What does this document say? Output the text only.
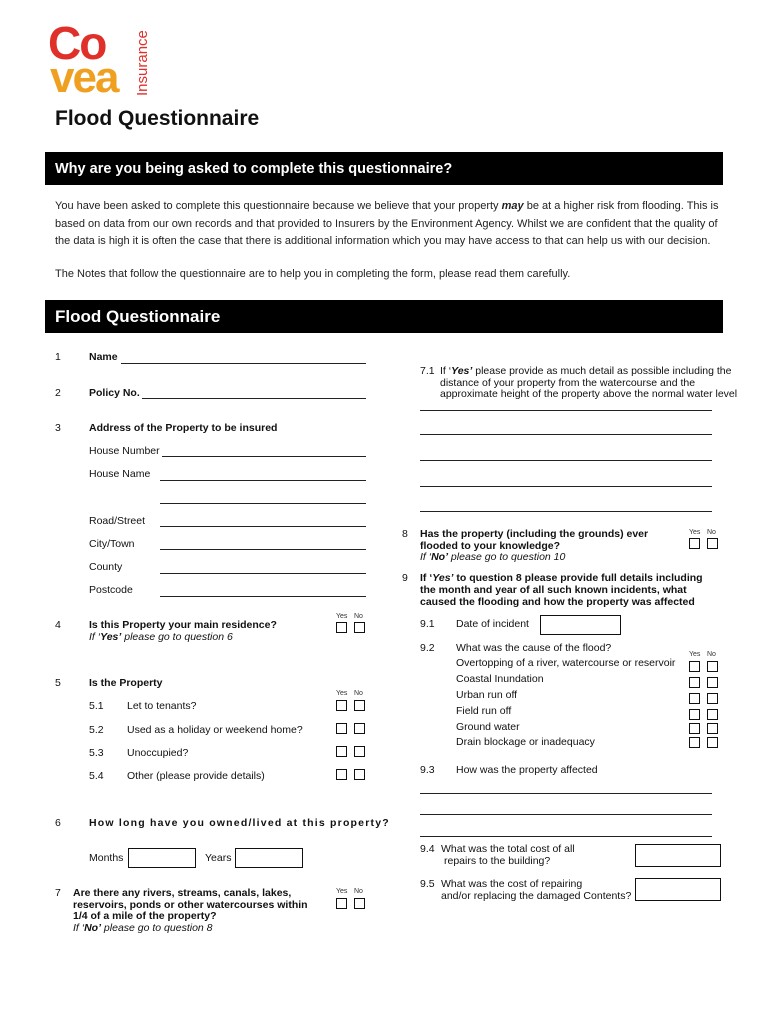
Co
vea Insurance
Flood Questionnaire
Why are you being asked to complete this questionnaire?
You have been asked to complete this questionnaire because we believe that your property may be at a higher risk from flooding. This is based on data from our own records and that provided to Insurers by the Environment Agency. Whilst we are confident that the quality of the data is high it is often the case that there is additional information which you may have access to that can help us with our decision.
The Notes that follow the questionnaire are to help you in completing the form, please read them carefully.
Flood Questionnaire
1	Name
2	Policy No.
3	Address of the Property to be insured
House Number
House Name
Road/Street
City/Town
County
Postcode
Yes No
4	Is this Property your main residence?
If ‘Yes’ please go to question 6
5	Is the Property
Yes No
5.1 Let to tenants?
5.2 Used as a holiday or weekend home?
5.3 Unoccupied?
5.4 Other (please provide details)
6	How long have you owned/lived at this property?
Months	Years
Yes No
7 Are there any rivers, streams, canals, lakes,
reservoirs, ponds or other watercourses within
1/4 of a mile of the property?
If ‘No’ please go to question 8
7.1 If ‘Yes’ please provide as much detail as possible including the
distance of your property from the watercourse and the
approximate height of the property above the normal water level
Yes No
8 Has the property (including the grounds) ever
flooded to your knowledge?
If ‘No’ please go to question 10
9 If ‘Yes’ to question 8 please provide full details including
the month and year of all such known incidents, what
caused the flooding and how the property was affected
9.1 Date of incident
9.2 What was the cause of the flood?
Yes No
Overtopping of a river, watercourse or reservoir
Coastal Inundation
Urban run off
Field run off
Ground water
Drain blockage or inadequacy
9.3 How was the property affected
9.4 What was the total cost of all
repairs to the building?
9.5 What was the cost of repairing
and/or replacing the damaged Contents?
